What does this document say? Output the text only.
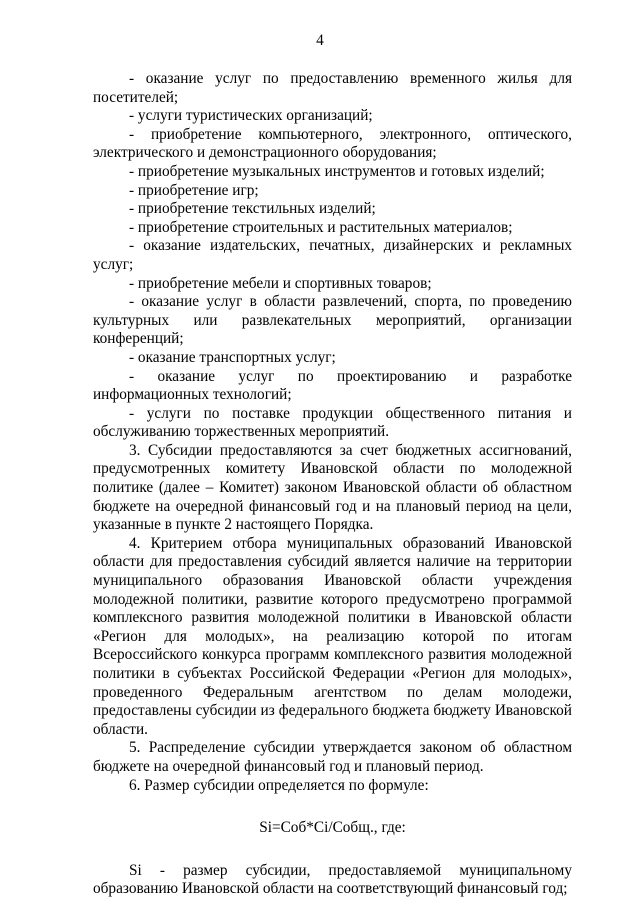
4

- оказание услуг по предоставлению временного жилья для посетителей;

- услуги туристических организаций;

- приобретение компьютерного, электронного, оптического, электрического и демонстрационного оборудования;

- приобретение музыкальных инструментов и готовых изделий;

- приобретение игр;

- приобретение текстильных изделий;

- приобретение строительных и растительных материалов;

- оказание издательских, печатных, дизайнерских и рекламных услуг;

- приобретение мебели и спортивных товаров;

- оказание услуг в области развлечений, спорта, по проведению культурных или развлекательных мероприятий, организации конференций;

- оказание транспортных услуг;

- оказание услуг по проектированию и разработке информационных технологий;

- услуги по поставке продукции общественного питания и обслуживанию торжественных мероприятий.

3. Субсидии предоставляются за счет бюджетных ассигнований, предусмотренных комитету Ивановской области по молодежной политике (далее – Комитет) законом Ивановской области об областном бюджете на очередной финансовый год и на плановый период на цели, указанные в пункте 2 настоящего Порядка.

4. Критерием отбора муниципальных образований Ивановской области для предоставления субсидий является наличие на территории муниципального образования Ивановской области учреждения молодежной политики, развитие которого предусмотрено программой комплексного развития молодежной политики в Ивановской области «Регион для молодых», на реализацию которой по итогам Всероссийского конкурса программ комплексного развития молодежной политики в субъектах Российской Федерации «Регион для молодых», проведенного Федеральным агентством по делам молодежи, предоставлены субсидии из федерального бюджета бюджету Ивановской области.

5. Распределение субсидии утверждается законом об областном бюджете на очередной финансовый год и плановый период.

6. Размер субсидии определяется по формуле:

Si=Соб*Сi/Собщ., где:

Si - размер субсидии, предоставляемой муниципальному образованию Ивановской области на соответствующий финансовый год;
